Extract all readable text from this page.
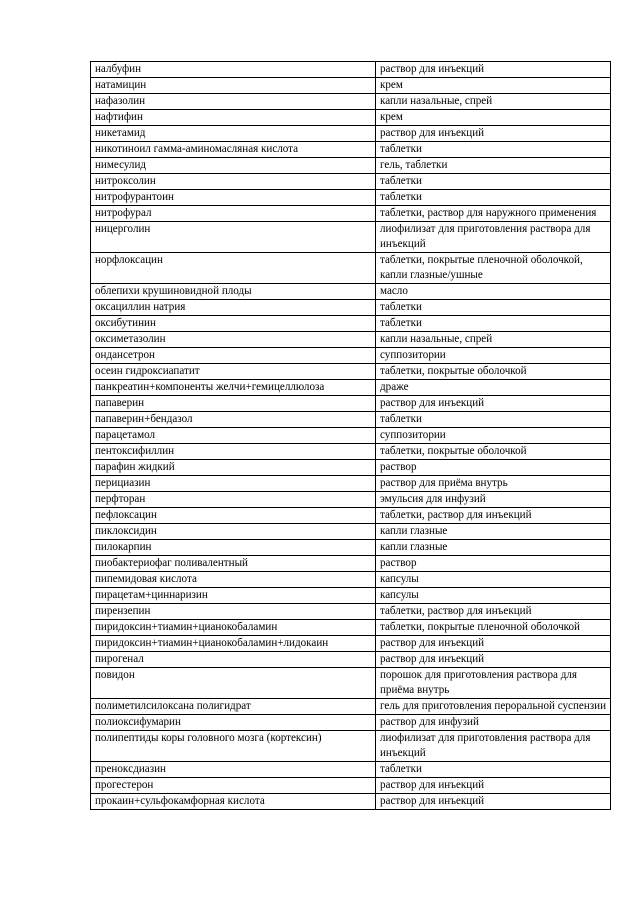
налбуфин	раствор для инъекций
натамицин	крем
нафазолин	капли назальные, спрей
нафтифин	крем
никетамид	раствор для инъекций
никотиноил гамма-аминомасляная кислота	таблетки
нимесулид	гель, таблетки
нитроксолин	таблетки
нитрофурантоин	таблетки
нитрофурал	таблетки, раствор для наружного применения
ницерголин	лиофилизат для приготовления раствора для инъекций
норфлоксацин	таблетки, покрытые пленочной оболочкой, капли глазные/ушные
облепихи крушиновидной плоды	масло
оксациллин натрия	таблетки
оксибутинин	таблетки
оксиметазолин	капли назальные, спрей
ондансетрон	суппозитории
осеин гидроксиапатит	таблетки, покрытые оболочкой
панкреатин+компоненты желчи+гемицеллюлоза	драже
папаверин	раствор для инъекций
папаверин+бендазол	таблетки
парацетамол	суппозитории
пентоксифиллин	таблетки, покрытые оболочкой
парафин жидкий	раствор
перициазин	раствор для приёма внутрь
перфторан	эмульсия для инфузий
пефлоксацин	таблетки, раствор для инъекций
пиклоксидин	капли глазные
пилокарпин	капли глазные
пиобактериофаг поливалентный	раствор
пипемидовая кислота	капсулы
пирацетам+циннаризин	капсулы
пирензепин	таблетки, раствор для инъекций
пиридоксин+тиамин+цианокобаламин	таблетки, покрытые пленочной оболочкой
пиридоксин+тиамин+цианокобаламин+лидокаин	раствор для инъекций
пирогенал	раствор для инъекций
повидон	порошок для приготовления раствора для приёма внутрь
полиметилсилоксана полигидрат	гель для приготовления пероральной суспензии
полиоксифумарин	раствор для инфузий
полипептиды коры головного мозга (кортексин)	лиофилизат для приготовления раствора для инъекций
пренокcдиазин	таблетки
прогестерон	раствор для инъекций
прокаин+сульфокамфорная кислота	раствор для инъекций
